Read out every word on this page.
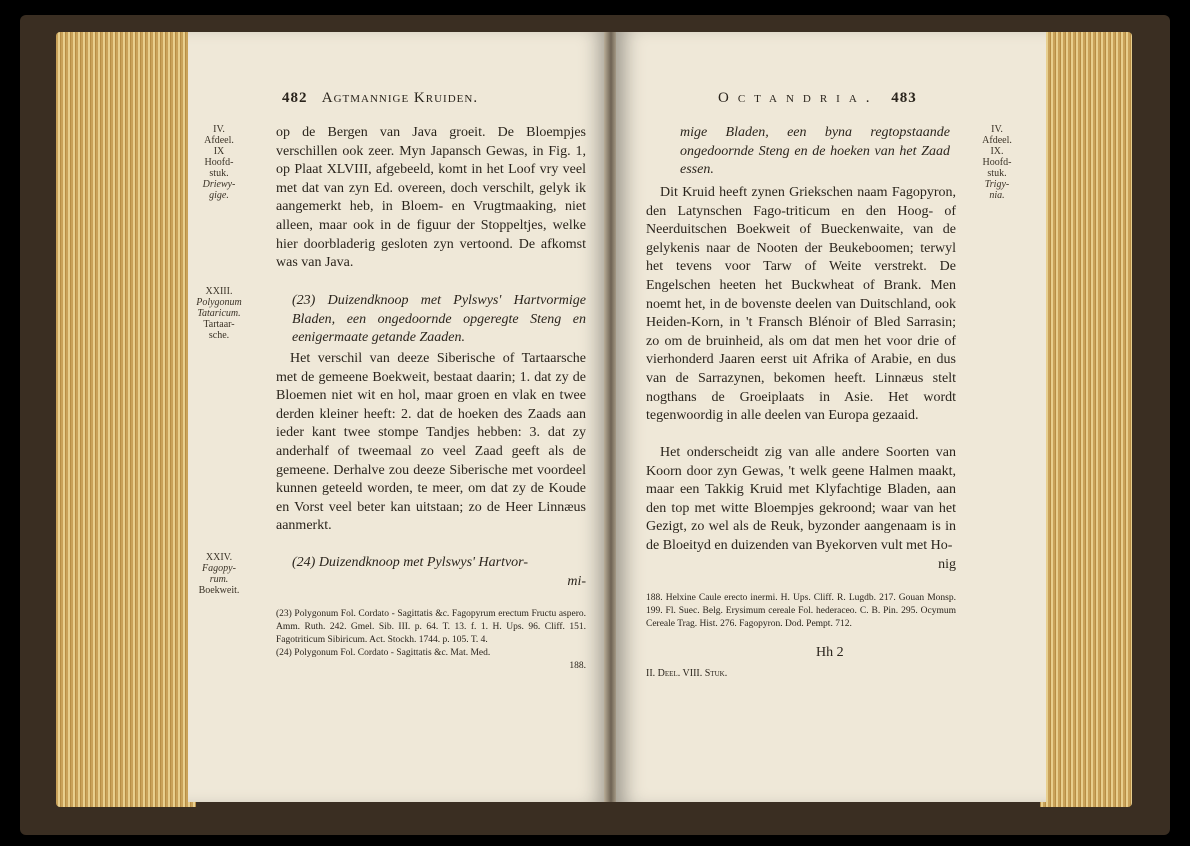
482 Agtmannige Kruiden.
IV.
Afdeel.
IX
Hoofd-
stuk.
Driewy-
gige.

op de Bergen van Java groeit. De Bloempjes verschillen ook zeer. Myn Japansch Gewas, in Fig. 1, op Plaat XLVIII, afgebeeld, komt in het Loof vry veel met dat van zyn Ed. overeen, doch verschilt, gelyk ik aangemerkt heb, in Bloem- en Vrugtmaaking, niet alleen, maar ook in de figuur der Stoppeltjes, welke hier doorbladerig gesloten zyn vertoond. De afkomst was van Java.

XXIII.
Polygonum
Tataricum.
Tartaar-
sche.

(23) Duizendknoop met Pylswys' Hartvormige Bladen, een ongedoornde opgeregte Steng en eenigermaate getande Zaaden.

Het verschil van deeze Siberische of Tartaarsche met de gemeene Boekweit, bestaat daarin; 1. dat zy de Bloemen niet wit en hol, maar groen en vlak en twee derden kleiner heeft: 2. dat de hoeken des Zaads aan ieder kant twee stompe Tandjes hebben: 3. dat zy anderhalf of tweemaal zo veel Zaad geeft als de gemeene. Derhalve zou deeze Siberische met voordeel kunnen geteeld worden, te meer, om dat zy de Koude en Vorst veel beter kan uitstaan; zo de Heer Linnæus aanmerkt.

XXIV.
Fagopy-
rum.
Boekweit.

(24) Duizendknoop met Pylswys' Hartvor-

mi-

(23) Polygonum Fol. Cordato - Sagittatis &c. Fagopyrum erectum Fructu aspero. Amm. Ruth. 242. Gmel. Sib. III. p. 64. T. 13. f. 1. H. Ups. 96. Cliff. 151. Fagotriticum Sibiricum. Act. Stockh. 1744. p. 105. T. 4.

(24) Polygonum Fol. Cordato - Sagittatis &c. Mat. Med.

188.

Octandria. 483

mige Bladen, een byna regtopstaande ongedoornde Steng en de hoeken van het Zaad essen.

IV.
Afdeel.
IX.
Hoofd-
stuk.
Trigy-
nia.

Dit Kruid heeft zynen Griekschen naam Fagopyron, den Latynschen Fago-triticum en den Hoog- of Neerduitschen Boekweit of Bueckenwaite, van de gelykenis naar de Nooten der Beukeboomen; terwyl het tevens voor Tarw of Weite verstrekt. De Engelschen heeten het Buckwheat of Brank. Men noemt het, in de bovenste deelen van Duitschland, ook Heiden-Korn, in 't Fransch Blénoir of Bled Sarrasin; zo om de bruinheid, als om dat men het voor drie of vierhonderd Jaaren eerst uit Afrika of Arabie, en dus van de Sarrazynen, bekomen heeft. Linnæus stelt nogthans de Groeiplaats in Asie. Het wordt tegenwoordig in alle deelen van Europa gezaaid.

Het onderscheidt zig van alle andere Soorten van Koorn door zyn Gewas, 't welk geene Halmen maakt, maar een Takkig Kruid met Klyfachtige Bladen, aan den top met witte Bloempjes gekroond; waar van het Gezigt, zo wel als de Reuk, byzonder aangenaam is in de Bloeityd en duizenden van Byekorven vult met Ho-

nig

188. Helxine Caule erecto inermi. H. Ups. Cliff. R. Lugdb. 217. Gouan Monsp. 199. Fl. Suec. Belg. Erysimum cereale Fol. hederaceo. C. B. Pin. 295. Ocymum Cereale Trag. Hist. 276. Fagopyron. Dod. Pempt. 712.

Hh 2

II. Deel. VIII. Stuk.
